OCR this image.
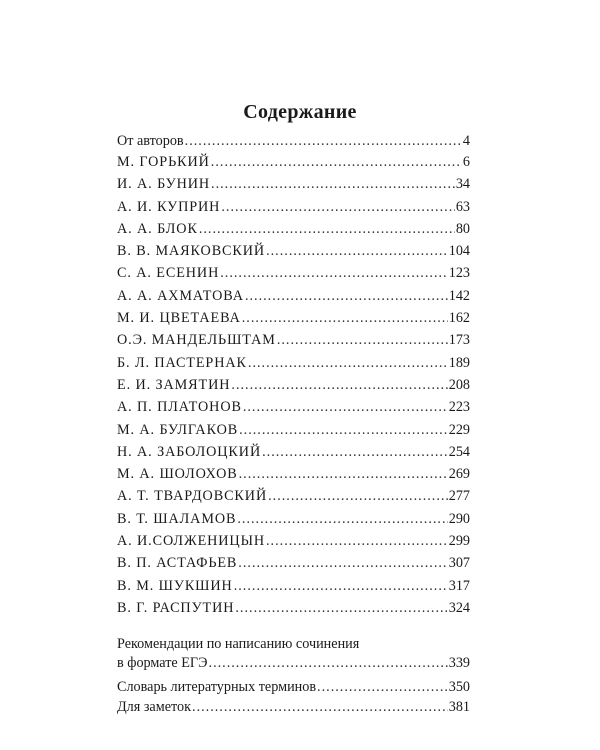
Содержание
От авторов .....	4
М. ГОРЬКИЙ .....	6
И. А. БУНИН .....	34
А. И. КУПРИН .....	63
А. А. БЛОК .....	80
В. В. МАЯКОВСКИЙ .....	104
С. А. ЕСЕНИН .....	123
А. А. АХМАТОВА .....	142
М. И. ЦВЕТАЕВА .....	162
О.Э. МАНДЕЛЬШТАМ .....	173
Б. Л. ПАСТЕРНАК .....	189
Е. И. ЗАМЯТИН .....	208
А. П. ПЛАТОНОВ .....	223
М. А. БУЛГАКОВ .....	229
Н. А. ЗАБОЛОЦКИЙ .....	254
М. А. ШОЛОХОВ .....	269
А. Т. ТВАРДОВСКИЙ .....	277
В. Т. ШАЛАМОВ .....	290
А. И.СОЛЖЕНИЦЫН .....	299
В. П. АСТАФЬЕВ .....	307
В. М. ШУКШИН .....	317
В. Г. РАСПУТИН .....	324
Рекомендации по написанию сочинения
в формате ЕГЭ .....	339
Словарь литературных терминов .....	350
Для заметок .....	381
